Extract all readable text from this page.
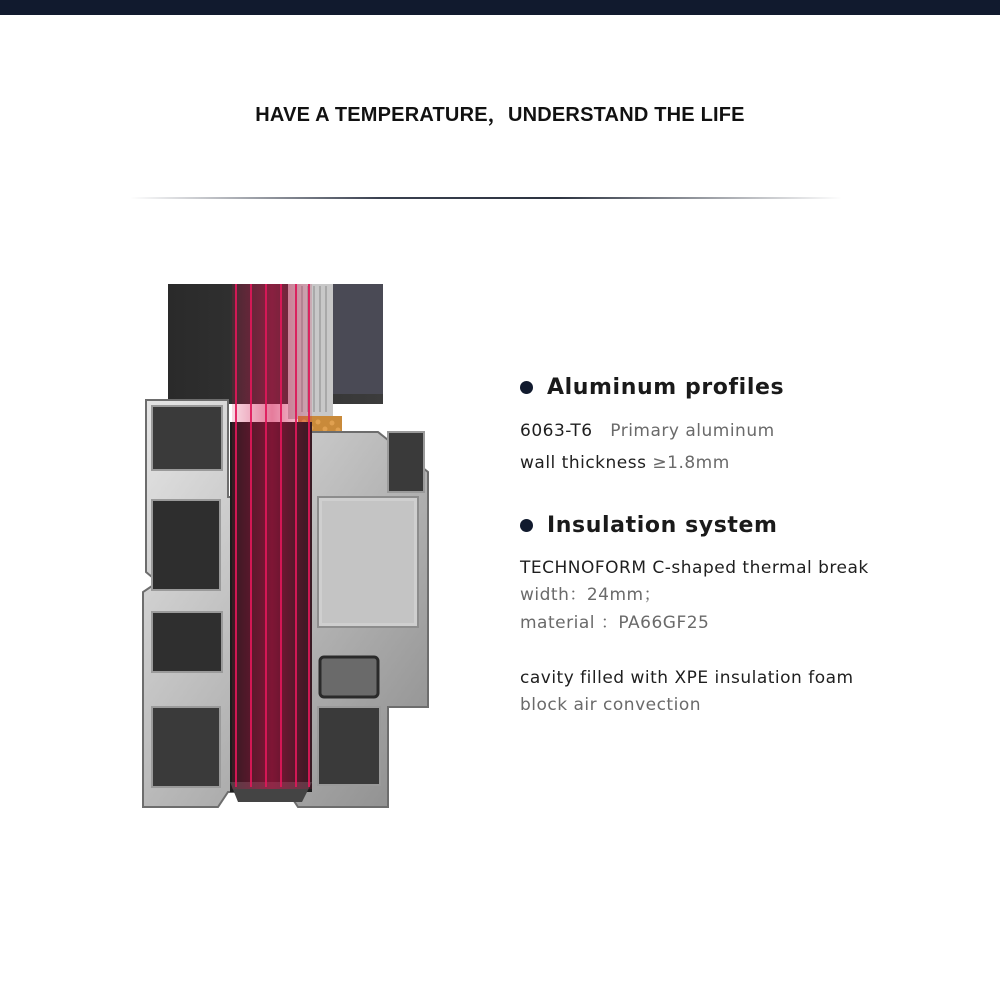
HAVE A TEMPERATURE，UNDERSTAND THE LIFE
Aluminum profiles
6063-T6 Primary aluminum
wall thickness ≥1.8mm
Insulation system
TECHNOFORM C-shaped thermal break
width：24mm；
material ：PA66GF25
cavity filled with XPE insulation foam
block air convection
